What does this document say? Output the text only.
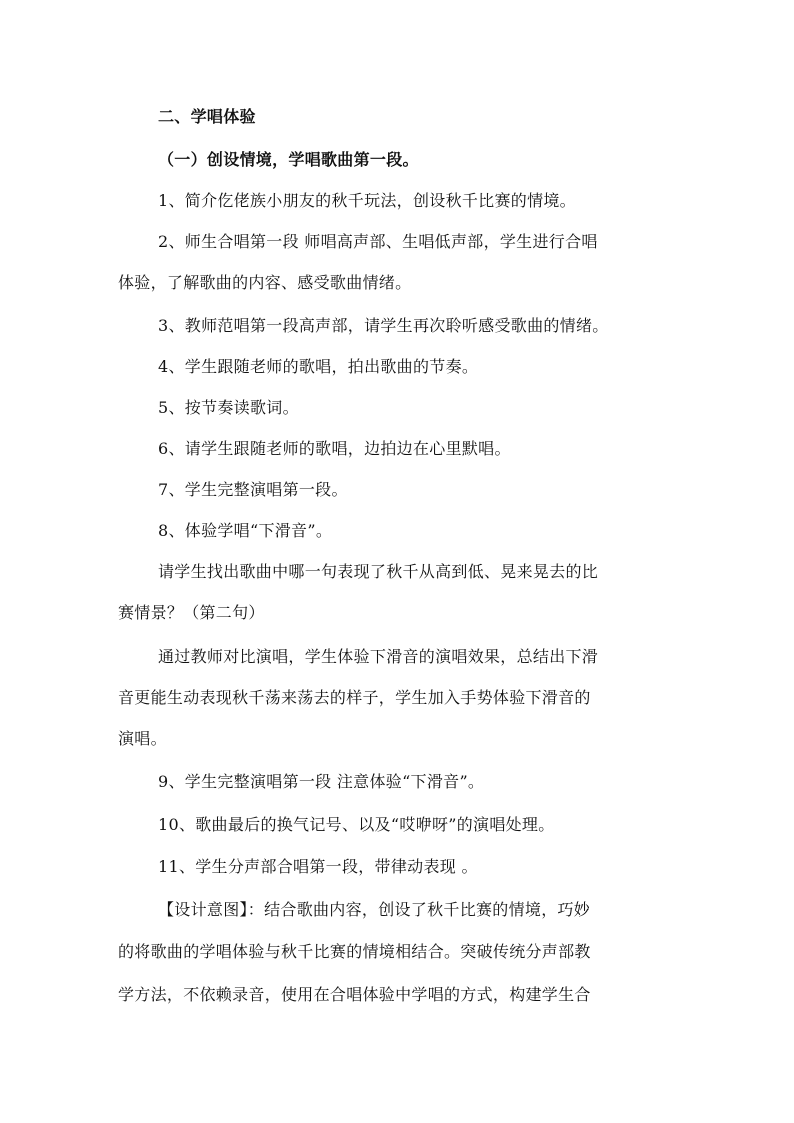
二、学唱体验

（一）创设情境，学唱歌曲第一段。

1、简介仡佬族小朋友的秋千玩法，创设秋千比赛的情境。

2、师生合唱第一段 师唱高声部、生唱低声部，学生进行合唱

体验，了解歌曲的内容、感受歌曲情绪。

3、教师范唱第一段高声部，请学生再次聆听感受歌曲的情绪。

4、学生跟随老师的歌唱，拍出歌曲的节奏。

5、按节奏读歌词。

6、请学生跟随老师的歌唱，边拍边在心里默唱。

7、学生完整演唱第一段。

8、体验学唱“下滑音”。

请学生找出歌曲中哪一句表现了秋千从高到低、晃来晃去的比

赛情景？（第二句）

通过教师对比演唱，学生体验下滑音的演唱效果，总结出下滑

音更能生动表现秋千荡来荡去的样子，学生加入手势体验下滑音的

演唱。

9、学生完整演唱第一段 注意体验“下滑音”。

10、歌曲最后的换气记号、以及“哎咿呀”的演唱处理。

11、学生分声部合唱第一段，带律动表现 。

【设计意图】：结合歌曲内容，创设了秋千比赛的情境，巧妙

的将歌曲的学唱体验与秋千比赛的情境相结合。突破传统分声部教

学方法，不依赖录音，使用在合唱体验中学唱的方式，构建学生合
